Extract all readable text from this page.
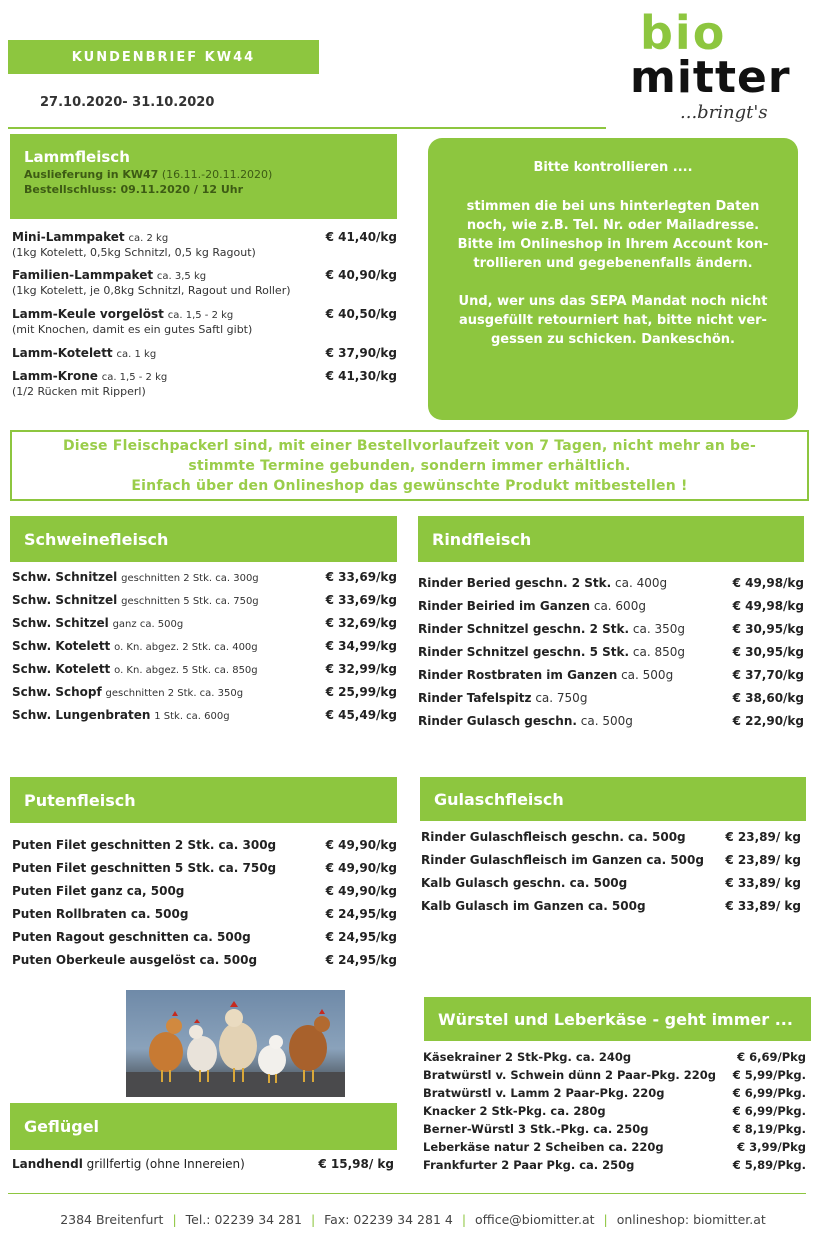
KUNDENBRIEF KW44
27.10.2020- 31.10.2020
bio
mitter
...bringt's
Lammfleisch
Auslieferung in KW47 (16.11.-20.11.2020)
Bestellschluss: 09.11.2020 / 12 Uhr
Mini-Lammpaket ca. 2 kg	€ 41,40/kg
(1kg Kotelett, 0,5kg Schnitzl, 0,5 kg Ragout)
Familien-Lammpaket ca. 3,5 kg	€ 40,90/kg
(1kg Kotelett, je 0,8kg Schnitzl, Ragout und Roller)
Lamm-Keule vorgelöst ca. 1,5 - 2 kg	€ 40,50/kg
(mit Knochen, damit es ein gutes Saftl gibt)
Lamm-Kotelett ca. 1 kg	€ 37,90/kg
Lamm-Krone ca. 1,5 - 2 kg	€ 41,30/kg
(1/2 Rücken mit Ripperl)
Bitte kontrollieren ....
stimmen die bei uns hinterlegten Daten
noch, wie z.B. Tel. Nr. oder Mailadresse.
Bitte im Onlineshop in Ihrem Account kon-
trollieren und gegebenenfalls ändern.
Und, wer uns das SEPA Mandat noch nicht
ausgefüllt retourniert hat, bitte nicht ver-
gessen zu schicken. Dankeschön.
Diese Fleischpackerl sind, mit einer Bestellvorlaufzeit von 7 Tagen, nicht mehr an be-
stimmte Termine gebunden, sondern immer erhältlich.
Einfach über den Onlineshop das gewünschte Produkt mitbestellen !
Schweinefleisch
Schw. Schnitzel geschnitten 2 Stk. ca. 300g	€ 33,69/kg
Schw. Schnitzel geschnitten 5 Stk. ca. 750g	€ 33,69/kg
Schw. Schitzel ganz ca. 500g	€ 32,69/kg
Schw. Kotelett o. Kn. abgez. 2 Stk. ca. 400g	€ 34,99/kg
Schw. Kotelett o. Kn. abgez. 5 Stk. ca. 850g	€ 32,99/kg
Schw. Schopf geschnitten 2 Stk. ca. 350g	€ 25,99/kg
Schw. Lungenbraten 1 Stk. ca. 600g	€ 45,49/kg
Rindfleisch
Rinder Beried geschn. 2 Stk. ca. 400g	€ 49,98/kg
Rinder Beiried im Ganzen ca. 600g	€ 49,98/kg
Rinder Schnitzel geschn. 2 Stk. ca. 350g	€ 30,95/kg
Rinder Schnitzel geschn. 5 Stk. ca. 850g	€ 30,95/kg
Rinder Rostbraten im Ganzen ca. 500g	€ 37,70/kg
Rinder Tafelspitz ca. 750g	€ 38,60/kg
Rinder Gulasch geschn. ca. 500g	€ 22,90/kg
Putenfleisch
Puten Filet geschnitten 2 Stk. ca. 300g	€ 49,90/kg
Puten Filet geschnitten 5 Stk. ca. 750g	€ 49,90/kg
Puten Filet ganz ca, 500g	€ 49,90/kg
Puten Rollbraten ca. 500g	€ 24,95/kg
Puten Ragout geschnitten ca. 500g	€ 24,95/kg
Puten Oberkeule ausgelöst ca. 500g	€ 24,95/kg
Gulaschfleisch
Rinder Gulaschfleisch geschn. ca. 500g	€ 23,89/ kg
Rinder Gulaschfleisch im Ganzen ca. 500g € 23,89/ kg
Kalb Gulasch geschn. ca. 500g	€ 33,89/ kg
Kalb Gulasch im Ganzen ca. 500g	€ 33,89/ kg
Geflügel
Landhendl grillfertig (ohne Innereien)	€ 15,98/ kg
Würstel und Leberkäse - geht immer ...
Käsekrainer 2 Stk-Pkg. ca. 240g	€ 6,69/Pkg
Bratwürstl v. Schwein dünn 2 Paar-Pkg. 220g € 5,99/Pkg.
Bratwürstl v. Lamm 2 Paar-Pkg. 220g	€ 6,99/Pkg.
Knacker 2 Stk-Pkg. ca. 280g	€ 6,99/Pkg.
Berner-Würstl 3 Stk.-Pkg. ca. 250g	€ 8,19/Pkg.
Leberkäse natur 2 Scheiben ca. 220g	€ 3,99/Pkg
Frankfurter 2 Paar Pkg. ca. 250g	€ 5,89/Pkg.
2384 Breitenfurt | Tel.: 02239 34 281 | Fax: 02239 34 281 4 | office@biomitter.at | onlineshop: biomitter.at
